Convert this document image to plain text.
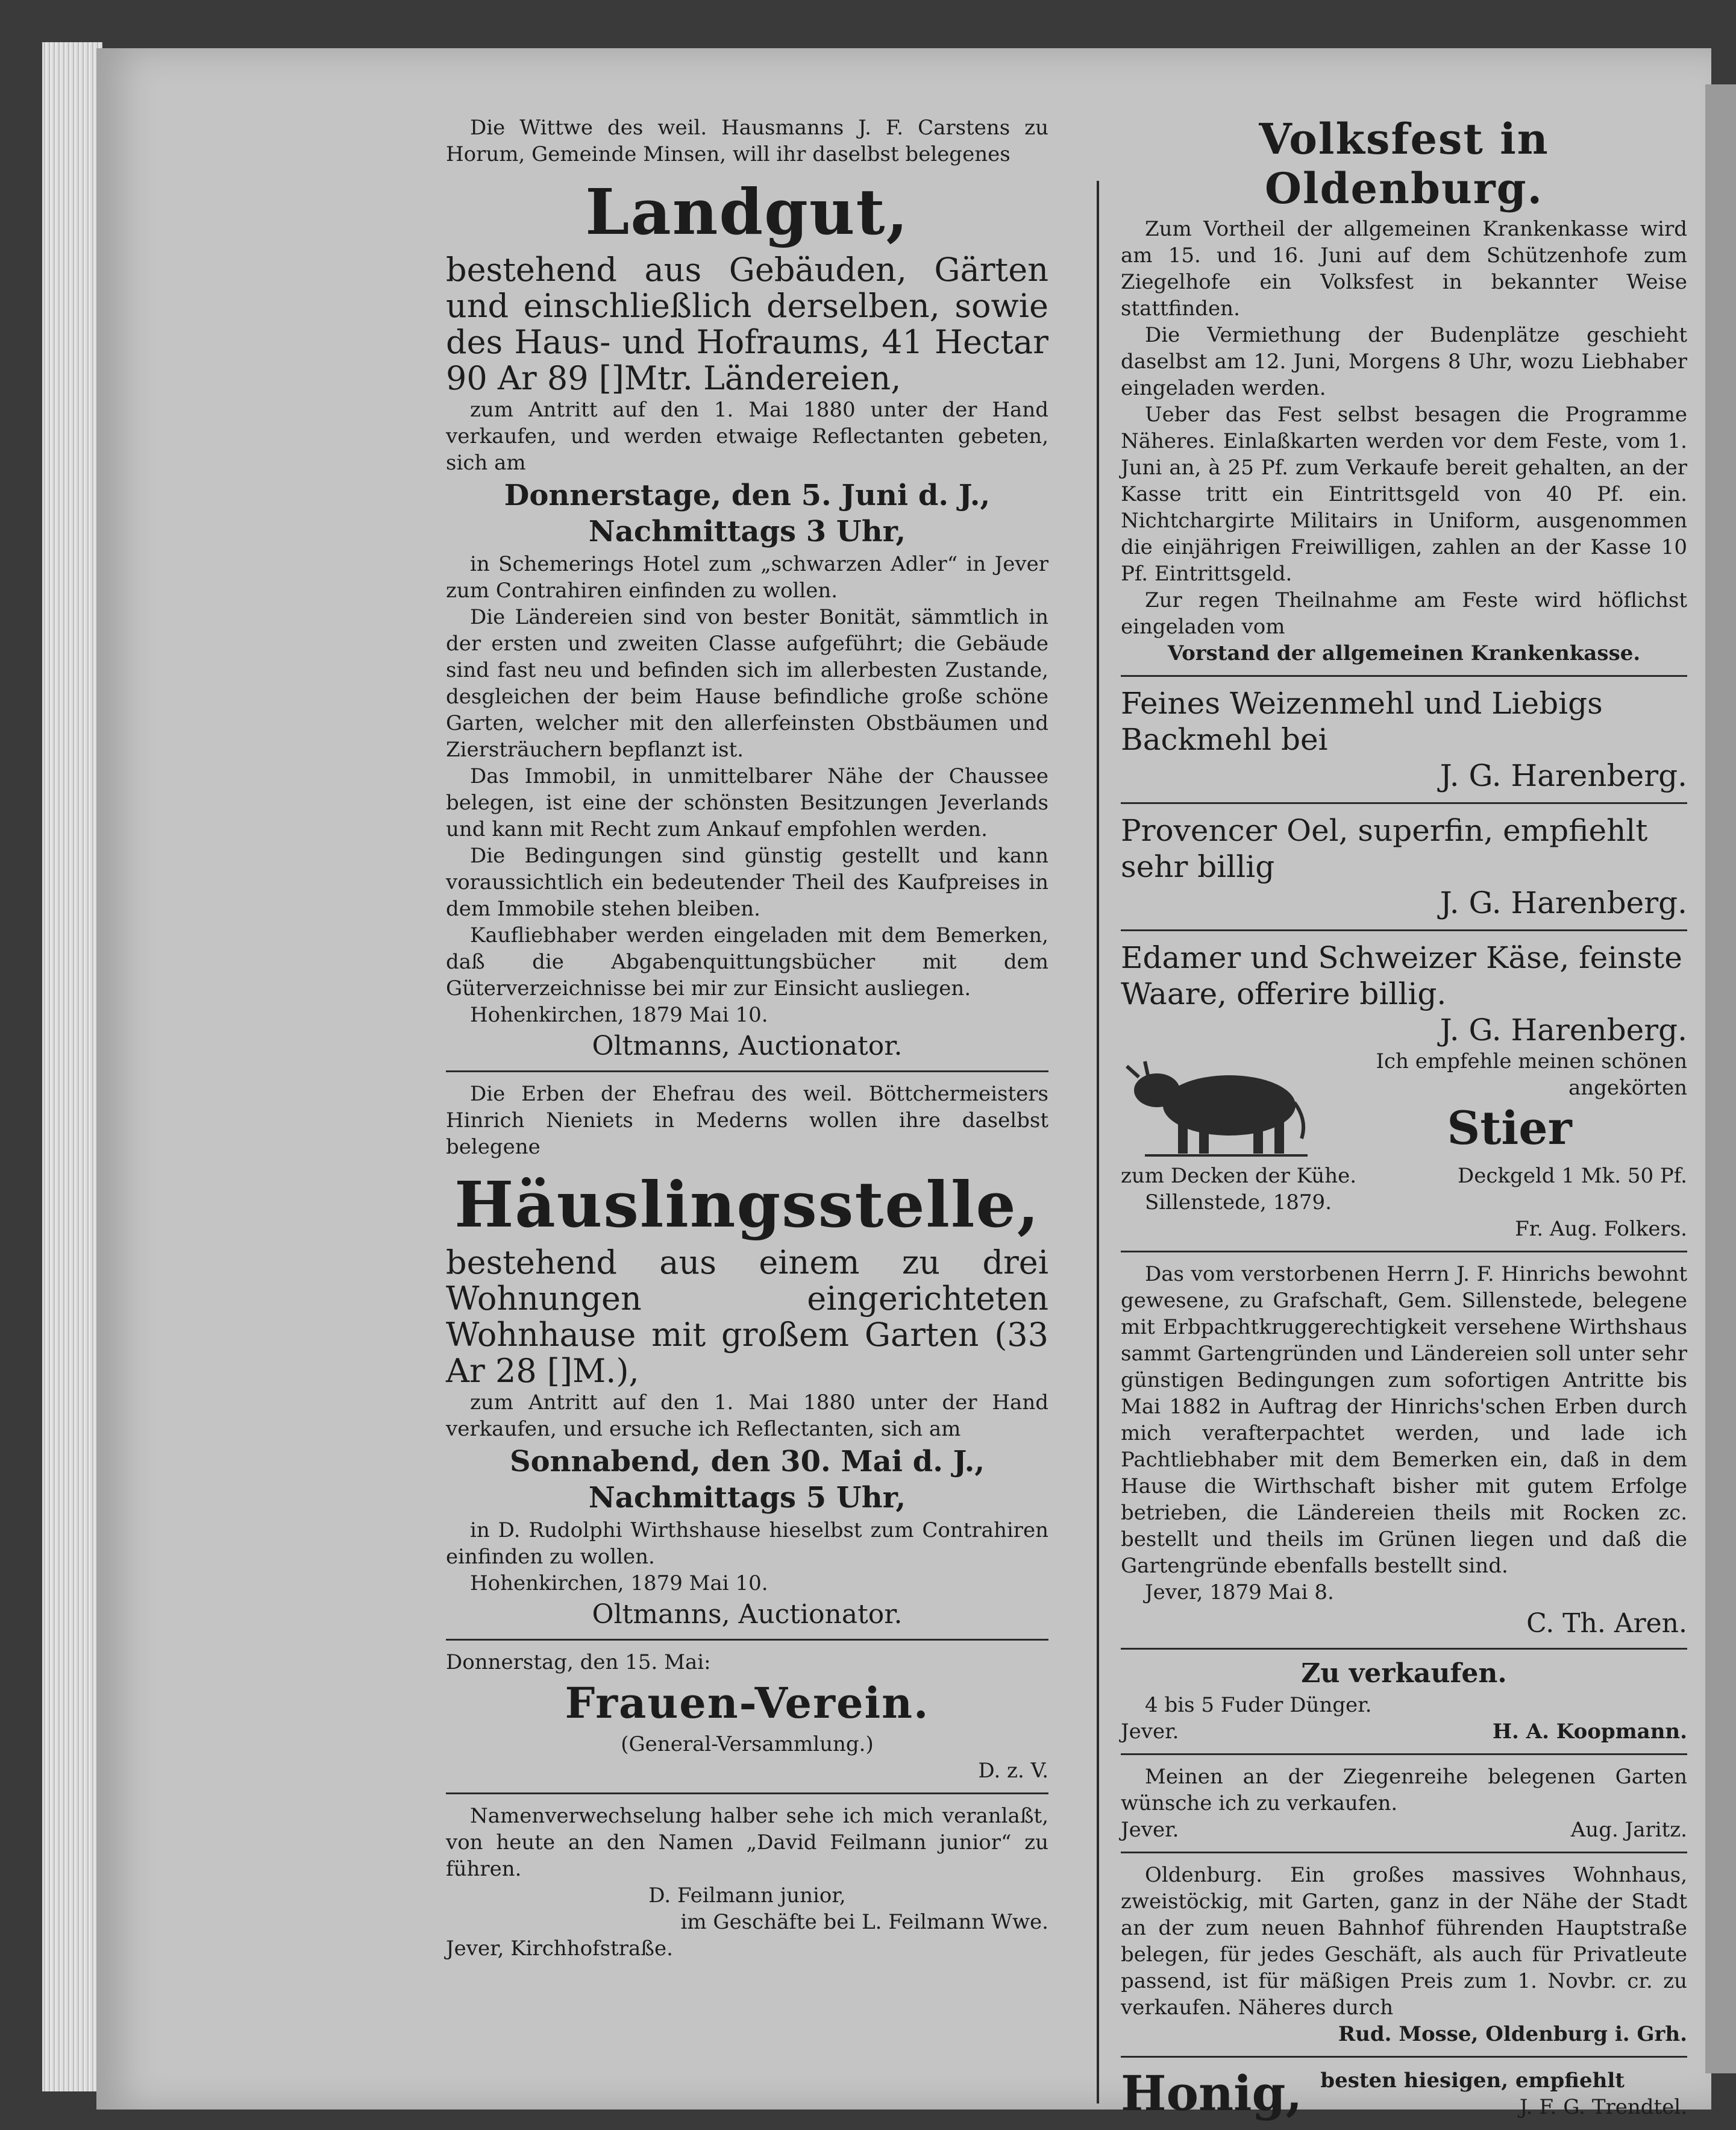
Die Wittwe des weil. Hausmanns J. F. Carstens zu Horum, Gemeinde Minsen, will ihr daselbst belegenes

Landgut,

bestehend aus Gebäuden, Gärten und einschließlich derselben, sowie des Haus- und Hofraums, 41 Hectar 90 Ar 89 []Mtr. Ländereien,

zum Antritt auf den 1. Mai 1880 unter der Hand verkaufen, und werden etwaige Reflectanten gebeten, sich am

Donnerstage, den 5. Juni d. J.,
Nachmittags 3 Uhr,

in Schemerings Hotel zum „schwarzen Adler“ in Jever zum Contrahiren einfinden zu wollen.

Die Ländereien sind von bester Bonität, sämmtlich in der ersten und zweiten Classe aufgeführt; die Gebäude sind fast neu und befinden sich im allerbesten Zustande, desgleichen der beim Hause befindliche große schöne Garten, welcher mit den allerfeinsten Obstbäumen und Ziersträuchern bepflanzt ist.

Das Immobil, in unmittelbarer Nähe der Chaussee belegen, ist eine der schönsten Besitzungen Jeverlands und kann mit Recht zum Ankauf empfohlen werden.

Die Bedingungen sind günstig gestellt und kann voraussichtlich ein bedeutender Theil des Kaufpreises in dem Immobile stehen bleiben.

Kaufliebhaber werden eingeladen mit dem Bemerken, daß die Abgabenquittungsbücher mit dem Güterverzeichnisse bei mir zur Einsicht ausliegen.

Hohenkirchen, 1879 Mai 10.

Oltmanns, Auctionator.

Die Erben der Ehefrau des weil. Böttchermeisters Hinrich Nieniets in Mederns wollen ihre daselbst belegene

Häuslingsstelle,

bestehend aus einem zu drei Wohnungen eingerichteten Wohnhause mit großem Garten (33 Ar 28 []M.),

zum Antritt auf den 1. Mai 1880 unter der Hand verkaufen, und ersuche ich Reflectanten, sich am

Sonnabend, den 30. Mai d. J.,
Nachmittags 5 Uhr,

in D. Rudolphi Wirthshause hieselbst zum Contrahiren einfinden zu wollen.

Hohenkirchen, 1879 Mai 10.

Oltmanns, Auctionator.

Donnerstag, den 15. Mai:

Frauen-Verein.

(General-Versammlung.)

D. z. V.

Namenverwechselung halber sehe ich mich veranlaßt, von heute an den Namen „David Feilmann junior“ zu führen.

D. Feilmann junior,

im Geschäfte bei L. Feilmann Wwe.

Jever, Kirchhofstraße.

Volksfest in Oldenburg.

Zum Vortheil der allgemeinen Krankenkasse wird am 15. und 16. Juni auf dem Schützenhofe zum Ziegelhofe ein Volksfest in bekannter Weise stattfinden.

Die Vermiethung der Budenplätze geschieht daselbst am 12. Juni, Morgens 8 Uhr, wozu Liebhaber eingeladen werden.

Ueber das Fest selbst besagen die Programme Näheres. Einlaßkarten werden vor dem Feste, vom 1. Juni an, à 25 Pf. zum Verkaufe bereit gehalten, an der Kasse tritt ein Eintrittsgeld von 40 Pf. ein. Nichtchargirte Militairs in Uniform, ausgenommen die einjährigen Freiwilligen, zahlen an der Kasse 10 Pf. Eintrittsgeld.

Zur regen Theilnahme am Feste wird höflichst eingeladen vom

Vorstand der allgemeinen Krankenkasse.

Feines Weizenmehl und Liebigs Backmehl bei

J. G. Harenberg.

Provencer Oel, superfin, empfiehlt sehr billig

J. G. Harenberg.

Edamer und Schweizer Käse, feinste Waare, offerire billig.

J. G. Harenberg.

Ich empfehle meinen schönen angekörten

Stier
zum Decken der Kühe.	Deckgeld 1 Mk. 50 Pf.

Sillenstede, 1879.

Fr. Aug. Folkers.

Das vom verstorbenen Herrn J. F. Hinrichs bewohnt gewesene, zu Grafschaft, Gem. Sillenstede, belegene mit Erbpachtkruggerechtigkeit versehene Wirthshaus sammt Gartengründen und Ländereien soll unter sehr günstigen Bedingungen zum sofortigen Antritte bis Mai 1882 in Auftrag der Hinrichs'schen Erben durch mich verafterpachtet werden, und lade ich Pachtliebhaber mit dem Bemerken ein, daß in dem Hause die Wirthschaft bisher mit gutem Erfolge betrieben, die Ländereien theils mit Rocken zc. bestellt und theils im Grünen liegen und daß die Gartengründe ebenfalls bestellt sind.

Jever, 1879 Mai 8.

C. Th. Aren.

Zu verkaufen.

4 bis 5 Fuder Dünger.

Jever.	H. A. Koopmann.

Meinen an der Ziegenreihe belegenen Garten wünsche ich zu verkaufen.

Jever.	Aug. Jaritz.

Oldenburg. Ein großes massives Wohnhaus, zweistöckig, mit Garten, ganz in der Nähe der Stadt an der zum neuen Bahnhof führenden Hauptstraße belegen, für jedes Geschäft, als auch für Privatleute passend, ist für mäßigen Preis zum 1. Novbr. cr. zu verkaufen. Näheres durch

Rud. Mosse, Oldenburg i. Grh.

Honig, besten hiesigen, empfiehlt

J. F. G. Trendtel.
